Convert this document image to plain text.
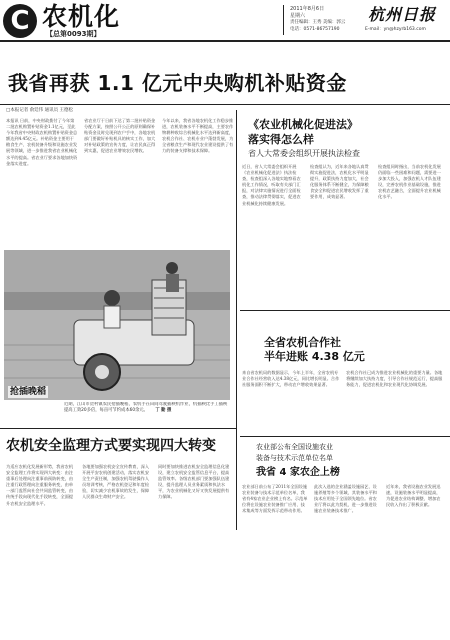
C 农机化
【总第0093期】
2011年8月6日
星期六
责任编辑：王秀 美编：郭云
电话：0571-86757190	E-mail：yn@hzyrb163.com
杭州日报
我省再获 1.1 亿元中央购机补贴资金
□本报记者 俞廷伟 通讯员 王德松
本报讯 日前，中央财政拨付了今年第二批农机购置补贴资金1.1亿元，至此今年我省中央财政农机购置补贴资金总额达到4.45亿元。补贴资金主要用于粮食生产、农机装备升级和设施农业发展等领域，进一步推进我省农业机械化水平的提高。省农业厅要求各地加快资金落实进度。
省农业厅于日前下达了第二批补贴资金分配方案，按照公开公正的原则确保补贴资金及时兑现到农户手中，各地农机部门要做好补贴机具的核实工作，加大对补贴政策的宣传力度，让农民真正得到实惠，促进农业增效农民增收。
今年以来，我省各地农机化工作稳步推进，农机装备水平不断提高，主要农作物耕种收综合机械化水平达到新高度，农机合作社、农机专业户蓬勃发展，为全省粮食生产和现代农业建设提供了有力的装备支撑和技术保障。
抢插晚稻
近期，江山市贺村镇农民抢插晚稻，农机手在田间驾驶插秧机作业，机插秧比手工插秧提高工效20多倍，每亩可节约成本60余元。 丁 勤 摄
《农业机械化促进法》
落实得怎么样
省人大常委会组织开展执法检查
近日，省人大常委会组织开展《农业机械化促进法》执法检查，检查组深入各地实地察看农机化工作情况，听取有关部门汇报，对法律实施情况进行全面检查，推动法律贯彻落实，促进农业机械化持续健康发展。
检查组认为，近年来各地认真贯彻实施促进法，农机化水平明显提升，政策扶持力度加大，社会化服务体系不断健全，为保障粮食安全和促进农民增收发挥了重要作用，成效显著。
检查组同时指出，当前农机化发展仍面临一些困难和问题，需要进一步加大投入，加强农机人才队伍建设，完善农机作业基础设施，推进农机农艺融合，全面提升农业机械化水平。
全省农机合作社
半年进账 4.38 亿元
来自省农机局的数据显示，今年上半年，全省农机专业合作社经营收入达4.38亿元，同比增长明显。合作社服务面积不断扩大，带动农户增收效果显著。
农机合作社已成为推进农业机械化的重要力量。各地将继续加大扶持力度，引导合作社规范运行，提高服务能力，促进农机化和农业现代化协调发展。
农业部公布全国设施农业
装备与技术示范单位名单
我省 4 家农企上榜
农业部日前公布了2011年全国设施农业装备与技术示范单位名单，我省有4家农业企业榜上有名。示范单位将在设施农业装备推广应用、技术集成等方面发挥示范带动作用。
此次入选的企业涵盖设施园艺、设施养殖等多个领域，其装备水平和技术应用处于全国领先地位。省农业厅将以此为契机，进一步推进设施农业装备技术推广。
近年来，我省设施农业发展迅速，设施装备水平明显提高，为促进农业结构调整、增加农民收入作出了积极贡献。
农机安全监理方式要实现四大转变
为适应农机化发展新形势，我省农机安全监理工作将实现四大转变：由注重事后处理向注重事前预防转变，由注重行政管理向注重服务转变，由单一部门监管向社会共同监管转变，由传统手段向现代化手段转变，全面提升农机安全监理水平。
各地要加强农机安全宣传教育，深入开展平安农机创建活动，落实农机安全生产责任制，加强农机驾驶操作人员培训考核，严格农机登记和年度检验，切实减少农机事故的发生，保障人民群众生命财产安全。
同时要加快推进农机安全监理信息化建设，建立农机安全监管信息平台，提高监管效率。各级农机部门要加强队伍建设，提升监理人员业务素质和执法水平，为农业机械化又好又快发展提供有力保障。
